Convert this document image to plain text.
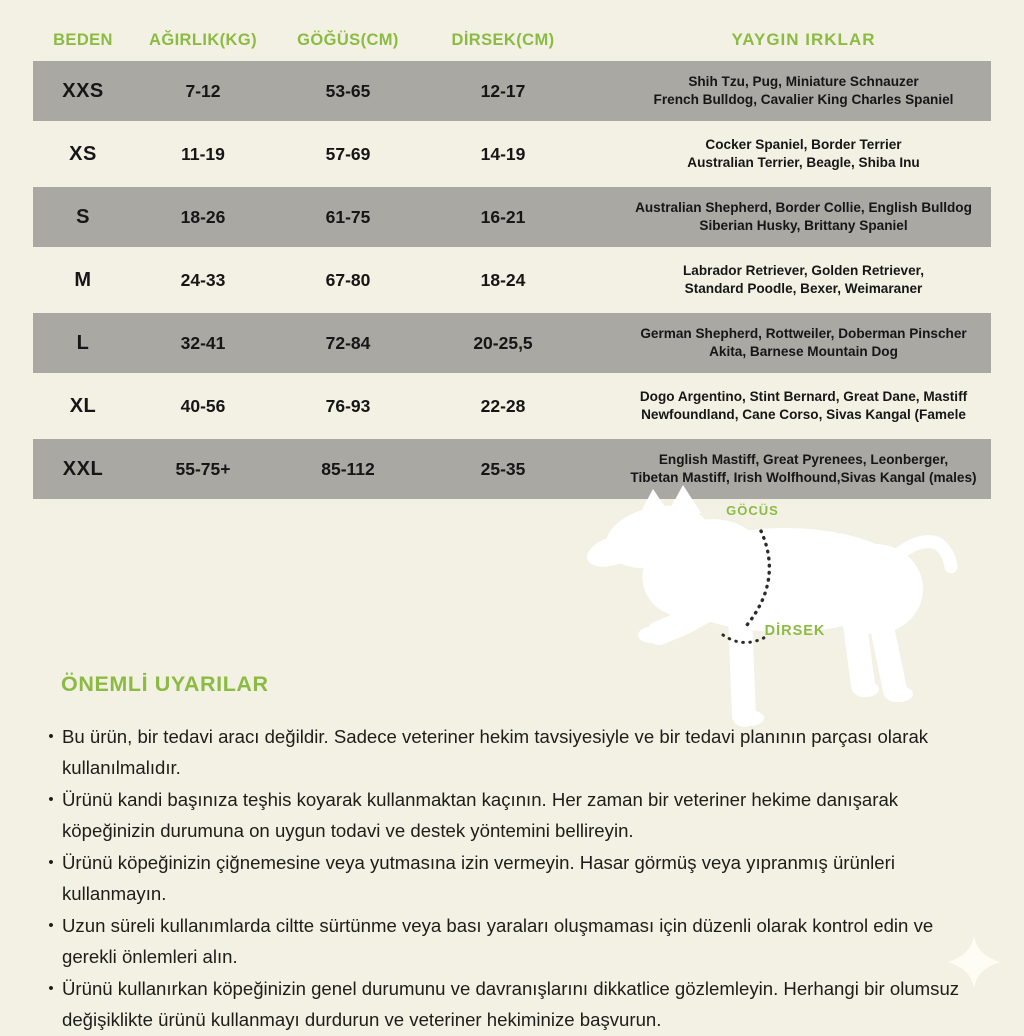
BEDEN	AĞIRLIK(KG)	GÖĞÜS(CM)	DİRSEK(CM)	YAYGIN IRKLAR
XXS	7-12	53-65	12-17	Shih Tzu, Pug, Miniature Schnauzer
French Bulldog, Cavalier King Charles Spaniel
XS	11-19	57-69	14-19	Cocker Spaniel, Border Terrier
Australian Terrier, Beagle, Shiba Inu
S	18-26	61-75	16-21	Australian Shepherd, Border Collie, English Bulldog
Siberian Husky, Brittany Spaniel
M	24-33	67-80	18-24	Labrador Retriever, Golden Retriever,
Standard Poodle, Bexer, Weimaraner
L	32-41	72-84	20-25,5	German Shepherd, Rottweiler, Doberman Pinscher
Akita, Barnese Mountain Dog
XL	40-56	76-93	22-28	Dogo Argentino, Stint Bernard, Great Dane, Mastiff
Newfoundland, Cane Corso, Sivas Kangal (Famele
XXL	55-75+	85-112	25-35	English Mastiff, Great Pyrenees, Leonberger,
Tibetan Mastiff, Irish Wolfhound,Sivas Kangal (males)
GÖCÜS
DİRSEK
ÖNEMLİ UYARILAR
• Bu ürün, bir tedavi aracı değildir. Sadece veteriner hekim tavsiyesiyle ve bir tedavi planının parçası olarak kullanılmalıdır.
• Ürünü kandi başınıza teşhis koyarak kullanmaktan kaçının. Her zaman bir veteriner hekime danışarak köpeğinizin durumuna on uygun todavi ve destek yöntemini bellireyin.
• Ürünü köpeğinizin çiğnemesine veya yutmasına izin vermeyin. Hasar görmüş veya yıpranmış ürünleri kullanmayın.
• Uzun süreli kullanımlarda ciltte sürtünme veya bası yaraları oluşmaması için düzenli olarak kontrol edin ve gerekli önlemleri alın.
• Ürünü kullanırkan köpeğinizin genel durumunu ve davranışlarını dikkatlice gözlemleyin. Herhangi bir olumsuz değişiklikte ürünü kullanmayı durdurun ve veteriner hekiminize başvurun.
